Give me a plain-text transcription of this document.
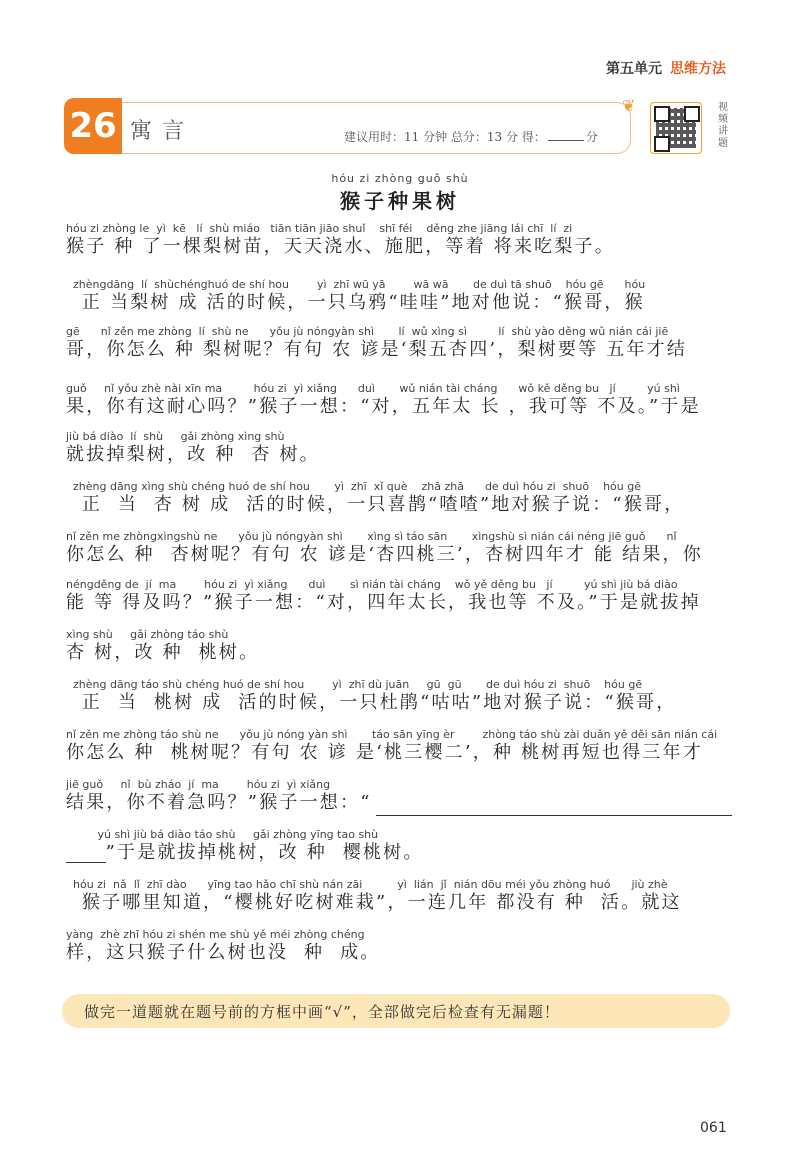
第五单元 思维方法
26 寓言	建议用时：11 分钟 总分：13 分 得：	分
❦	视频讲题
hóu zi zhòng guǒ shù
猴子种果树
hóu zi zhòng le  yì  kē   lí  shù miáo   tiān tiān jiāo shuǐ    shī féi    děng zhe jiāng lái chī  lí  zi
猴子 种 了一棵梨树苗，天天浇水、施肥，等着 将来吃梨子。
zhèngdāng  lí  shùchénghuó de shí hou        yì  zhī wū yā        wā wā       de duì tā shuō    hóu gē      hóu
正 当梨树 成 活的时候，一只乌鸦“哇哇”地对他说：“猴哥，猴
gē      nǐ zěn me zhòng  lí  shù ne      yǒu jù nóngyàn shì       lí  wǔ xìng sì         lí  shù yào děng wǔ nián cái jiē
哥，你怎么 种 梨树呢？有句 农 谚是‘梨五杏四’，梨树要等 五年才结
guǒ     nǐ yǒu zhè nài xīn ma         hóu zi  yì xiǎng      duì       wǔ nián tài cháng      wǒ kě děng bu   jí         yú shì
果，你有这耐心吗？”猴子一想：“对，五年太 长 ，我可等 不及。”于是
jiù bá diào  lí  shù     gǎi zhòng xìng shù
就拔掉梨树，改 种  杏 树。
zhèng dāng xìng shù chéng huó de shí hou       yì  zhī  xǐ què    zhā zhā      de duì hóu zi  shuō    hóu gē
正  当  杏 树 成  活的时候，一只喜鹊“喳喳”地对猴子说：“猴哥，
nǐ zěn me zhòngxìngshù ne      yǒu jù nóngyàn shì       xìng sì táo sān       xìngshù sì nián cái néng jiē guǒ      nǐ
你怎么 种  杏树呢？有句 农 谚是‘杏四桃三’，杏树四年才 能 结果，你
néngděng de  jí  ma        hóu zi  yì xiǎng      duì       sì nián tài cháng    wǒ yě děng bu   jí         yú shì jiù bá diào
能 等 得及吗？”猴子一想：“对，四年太长，我也等 不及。”于是就拔掉
xìng shù     gǎi zhòng táo shù
杏 树，改 种  桃树。
zhèng dāng táo shù chéng huó de shí hou        yì  zhī dù juān     gū  gū       de duì hóu zi  shuō    hóu gē
正  当  桃树 成  活的时候，一只杜鹃“咕咕”地对猴子说：“猴哥，
nǐ zěn me zhòng táo shù ne      yǒu jù nóng yàn shì       táo sān yīng èr        zhòng táo shù zài duǎn yě děi sān nián cái
你怎么 种  桃树呢？有句 农 谚 是‘桃三樱二’，种 桃树再短也得三年才
jiē guǒ     nǐ  bù zháo  jí  ma        hóu zi  yì xiǎng
结果，你不着急吗？”猴子一想：“
yú shì jiù bá diào táo shù     gǎi zhòng yīng tao shù
”于是就拔掉桃树，改 种  樱桃树。
hóu zi  nǎ  lǐ  zhī dào      yīng tao hǎo chī shù nán zāi          yì  lián  jǐ  nián dōu méi yǒu zhòng huó      jiù zhè
猴子哪里知道，“樱桃好吃树难栽”，一连几年 都没有 种  活。就这
yàng  zhè zhī hóu zi shén me shù yě méi zhòng chéng
样，这只猴子什么树也没  种  成。
做完一道题就在题号前的方框中画“√”，全部做完后检查有无漏题！
061
